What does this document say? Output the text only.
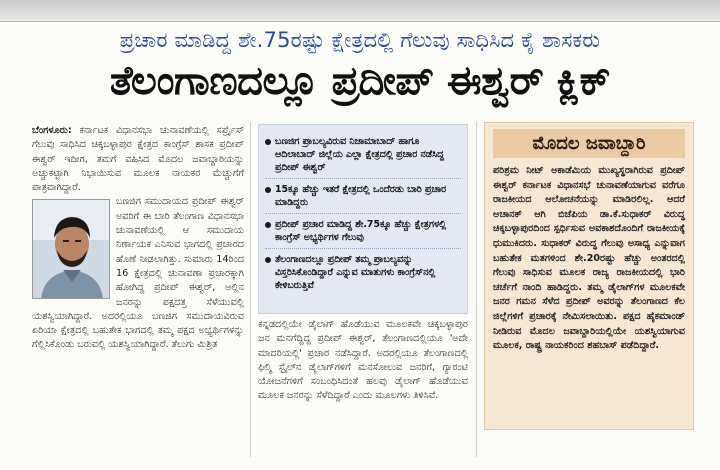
ಪ್ರಚಾರ ಮಾಡಿದ್ದ ಶೇ.75ರಷ್ಟು ಕ್ಷೇತ್ರದಲ್ಲಿ ಗೆಲುವು ಸಾಧಿಸಿದ ಕೈ ಶಾಸಕರು
ತೆಲಂಗಾಣದಲ್ಲೂ ಪ್ರದೀಪ್ ಈಶ್ವರ್ ಕ್ಲಿಕ್

ಬೆಂಗಳೂರು: ಕರ್ನಾಟಕ ವಿಧಾನಸಭಾ ಚುನಾವಣೆಯಲ್ಲಿ ಸರ್ಪ್ರೈಸ್ ಗೆಲುವು ಸಾಧಿಸಿದ ಚಿಕ್ಕಬಳ್ಳಾಪುರ ಕ್ಷೇತ್ರದ ಕಾಂಗ್ರೆಸ್ ಶಾಸಕ ಪ್ರದೀಪ್ ಈಶ್ವರ್ ಇದೀಗ, ತಮಗೆ ವಹಿಸಿದ ಮೊದಲ ಜವಾಬ್ದಾರಿಯನ್ನು ಅಚ್ಚುಕಟ್ಟಾಗಿ ನಿಭಾಯಿಸುವ ಮೂಲಕ ನಾಯಕರ ಮೆಚ್ಚುಗೆಗೆ ಪಾತ್ರವಾಗಿದ್ದಾರೆ.

ಬಣಜಿಗ ಸಮುದಾಯದ ಪ್ರದೀಪ್ ಈಶ್ವರ್ ಅವರಿಗೆ ಈ ಬಾರಿ ತೆಲಂಗಾಣ ವಿಧಾನಸಭಾ ಚುನಾವಣೆಯಲ್ಲಿ ಆ ಸಮುದಾಯ ನಿರ್ಣಾಯಕ ಎನಿಸುವ ಭಾಗದಲ್ಲಿ ಪ್ರಚಾರದ ಹೊಣೆ ನೀಡಲಾಗಿತ್ತು. ಸುಮಾರು 14ರಿಂದ 16 ಕ್ಷೇತ್ರದಲ್ಲಿ ಚುನಾವಣಾ ಪ್ರಚಾರಕ್ಕಾಗಿ ಹೋಗಿದ್ದ ಪ್ರದೀಪ್ ಈಶ್ವರ್, ಅಲ್ಲಿನ ಜನರನ್ನು ಪಕ್ಷದತ್ತ ಸೆಳೆಯುವಲ್ಲಿ ಯಶಸ್ವಿಯಾಗಿದ್ದಾರೆ. ಅದರಲ್ಲಿಯೂ ಬಣಜಿಗ ಸಮುದಾಯವಿರುವ ಏರಿಯಾ ಕ್ಷೇತ್ರದಲ್ಲಿ ಬಹುತೇಕ ಭಾಗದಲ್ಲಿ ತಮ್ಮ ಪಕ್ಷದ ಅಭ್ಯರ್ಥಿಗಳನ್ನು ಗೆಲ್ಲಿಸಿಕೊಂಡು ಬರುವಲ್ಲಿ ಯಶಸ್ವಿಯಾಗಿದ್ದಾರೆ. ತೆಲುಗು ಮಿಶ್ರಿತ

ಬಣಜಿಗ ಪ್ರಾಬಲ್ಯವಿರುವ ನಿಜಾಮಾಬಾದ್ ಹಾಗೂ ಆದಿಲಾಬಾದ್ ಜಿಲ್ಲೆಯ ಎಲ್ಲಾ ಕ್ಷೇತ್ರದಲ್ಲಿ ಪ್ರಚಾರ ನಡೆಸಿದ್ದ ಪ್ರದೀಪ್ ಈಶ್ವರ್
15ಕ್ಕೂ ಹೆಚ್ಚು ಇತರೆ ಕ್ಷೇತ್ರದಲ್ಲಿ ಒಂದೆರಡು ಬಾರಿ ಪ್ರಚಾರ ಮಾಡಿದ್ದರು
ಪ್ರದೀಪ್ ಪ್ರಚಾರ ಮಾಡಿದ್ದ ಶೇ.75ಕ್ಕೂ ಹೆಚ್ಚು ಕ್ಷೇತ್ರಗಳಲ್ಲಿ ಕಾಂಗ್ರೆಸ್ ಅಭ್ಯರ್ಥಿಗಳ ಗೆಲುವು
ತೆಲಂಗಾಣದಲ್ಲೂ ಪ್ರದೀಪ್ ತಮ್ಮ ಪ್ರಾಬಲ್ಯವನ್ನು ವಿಸ್ತರಿಸಿಕೊಂಡಿದ್ದಾರೆ ಎನ್ನುವ ಮಾತುಗಳು ಕಾಂಗ್ರೆಸ್‌ನಲ್ಲಿ ಕೇಳಿಬರುತ್ತಿವೆ

ಕನ್ನಡದಲ್ಲಿಯೇ ಡೈಲಾಗ್ ಹೊಡೆಯುವ ಮೂಲಕವೇ ಚಿಕ್ಕಬಳ್ಳಾಪುರ ಜನ ಮನಗೆದ್ದಿದ್ದ ಪ್ರದೀಪ್ ಈಶ್ವರ್, ತೆಲಂಗಾಣದಲ್ಲಿಯೂ 'ಅದೇ ಮಾದರಿಯಲ್ಲಿ' ಪ್ರಚಾರ ನಡೆಸಿದ್ದಾರೆ. ಅದರಲ್ಲಿಯೂ ತೆಲಂಗಾಣದಲ್ಲಿ ಫಿಲ್ಮಿ ಸ್ಟೈಲ್‌ನ ಡೈಲಾಗ್‌ಗಳಿಗೆ ಮನಸೋಲುವ ಜನರಿಗೆ, ಗ್ಯಾರಂಟಿ ಯೋಜನೆಗಳಿಗೆ ಸಂಬಂಧಿಸಿದಂತೆ ಹಲವು ಡೈಲಾಗ್ ಹೊಡೆಯುವ ಮೂಲಕ ಜನರನ್ನು ಸೆಳೆದಿದ್ದಾರೆ ಎಂದು ಮೂಲಗಳು ತಿಳಿಸಿವೆ.

ಮೊದಲ ಜವಾಬ್ದಾರಿ

ಪರಿಶ್ರಮ ನೀಟ್ ಅಕಾಡೆಮಿಯ ಮುಖ್ಯಸ್ಥರಾಗಿರುವ ಪ್ರದೀಪ್ ಈಶ್ವರ್ ಕರ್ನಾಟಕ ವಿಧಾನಸಭೆ ಚುನಾವಣೆಯಾಗುವ ವರೆಗೂ ರಾಜಕೀಯದ ಆಲೋಚನೆಯನ್ನು ಮಾಡಿರಲಿಲ್ಲ. ಆದರೆ ಅಚಾನಕ್ ಆಗಿ ಬಿಜೆಪಿಯ ಡಾ.ಕೆ.ಸುಧಾಕರ್ ವಿರುದ್ಧ ಚಿಕ್ಕಬಳ್ಳಾಪುರದಿಂದ ಸ್ಪರ್ಧಿಸುವ ಅವಕಾಶದೊಂದಿಗೆ ರಾಜಕೀಯಕ್ಕೆ ಧುಮುಕಿದರು. ಸುಧಾಕರ್ ವಿರುದ್ಧ ಗೆಲುವು ಅಸಾಧ್ಯ ಎನ್ನುವಾಗ ಬಹುತೇಕ ಮತಗಳಿಂದ ಶೇ.20ರಷ್ಟು ಹೆಚ್ಚು ಅಂತರದಲ್ಲಿ ಗೆಲುವು ಸಾಧಿಸುವ ಮೂಲಕ ರಾಜ್ಯ ರಾಜಕೀಯದಲ್ಲಿ ಭಾರಿ ಚರ್ಚೆಗೆ ನಾಂದಿ ಹಾಡಿದ್ದರು. ತಮ್ಮ ಡೈಲಾಗ್‌ಗಳ ಮೂಲಕವೇ ಜನರ ಗಮನ ಸೆಳೆದ ಪ್ರದೀಪ್ ಅವರನ್ನು ತೆಲಂಗಾಣದ ಕೆಲ ಜಿಲ್ಲೆಗಳಿಗೆ ಪ್ರಚಾರಕ್ಕೆ ನೇಮಿಸಲಾಯಿತು. ಪಕ್ಷದ ಹೈಕಮಾಂಡ್ ನೀಡಿರುವ ಮೊದಲ ಜವಾಬ್ದಾರಿಯಲ್ಲಿಯೇ ಯಶಸ್ವಿಯಾಗುವ ಮೂಲಕ, ರಾಷ್ಟ್ರ ನಾಯಕರಿಂದ ಶಹಬಾಸ್ ಪಡೆದಿದ್ದಾರೆ.
